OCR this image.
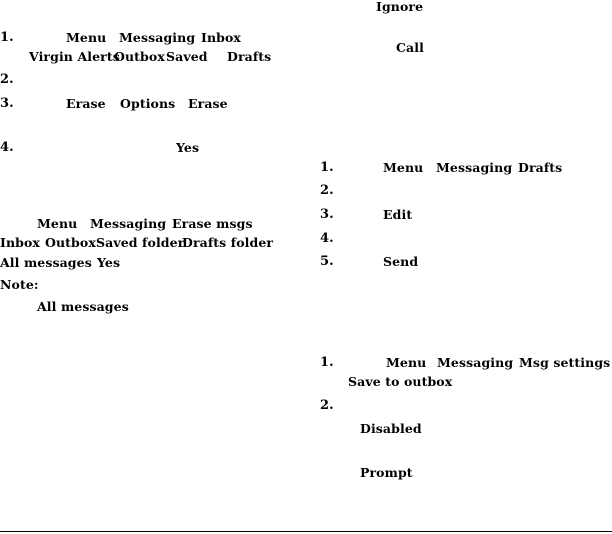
1.	Menu Messaging Inbox
Virgin Alerts
Outbox Saved Drafts
2.
3.	Erase Options Erase
4.	Yes
Menu Messaging Erase msgs
Inbox Outbox Saved folder
Drafts folder
All messages Yes
Note:
All messages
Ignore
Call
1.	Menu Messaging Drafts
2.
3.	Edit
4.
5.	Send
1.	Menu Messaging Msg settings
Save to outbox
2.
Disabled
Prompt
